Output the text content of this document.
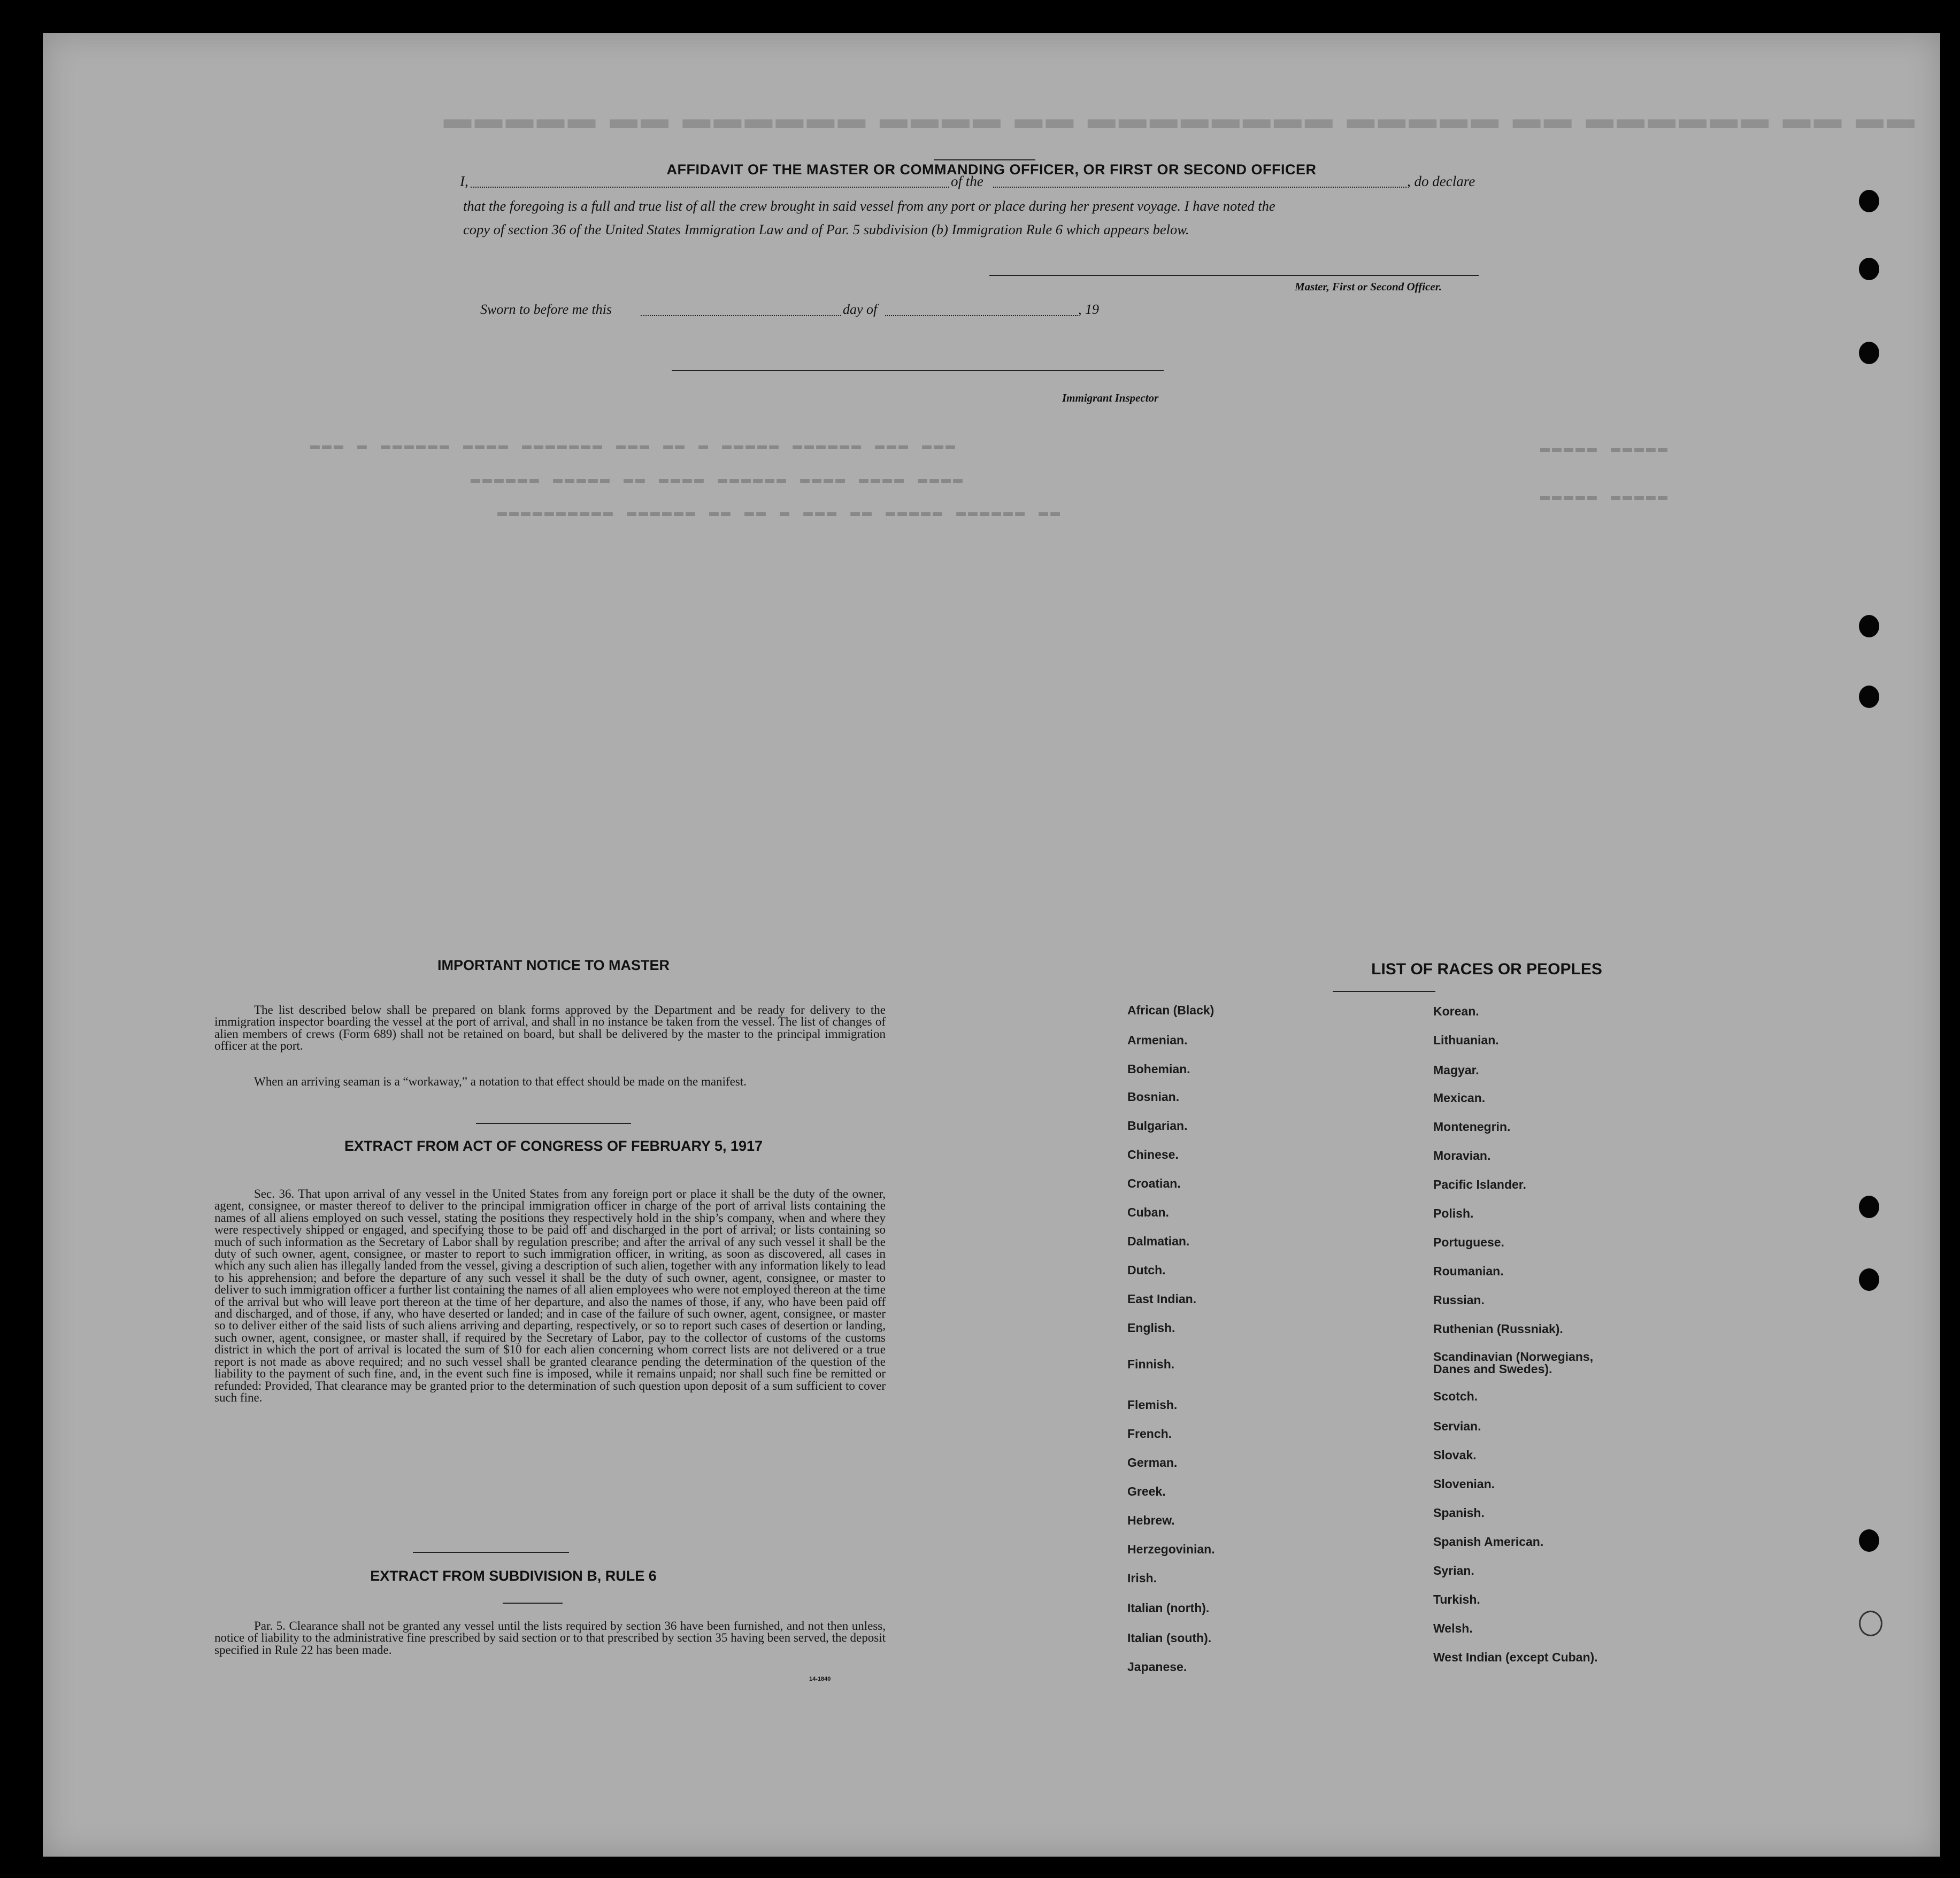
▬▬ ▬▬ ▬▬▬▬▬▬ ▬▬ ▬▬▬▬▬ ▬▬▬▬▬▬▬▬ ▬▬ ▬▬▬▬ ▬▬▬▬▬▬ ▬▬ ▬▬▬▬▬
▬▬▬ ▬ ▬▬▬▬▬▬ ▬▬▬▬ ▬▬▬▬▬▬▬ ▬▬▬ ▬▬ ▬ ▬▬▬▬▬ ▬▬▬▬▬▬ ▬▬▬ ▬▬▬
▬▬▬▬▬▬ ▬▬▬▬▬ ▬▬ ▬▬▬▬ ▬▬▬▬▬▬ ▬▬▬▬ ▬▬▬▬ ▬▬▬▬
▬▬▬▬▬▬▬▬▬▬ ▬▬▬▬▬▬ ▬▬ ▬▬ ▬ ▬▬▬ ▬▬ ▬▬▬▬▬ ▬▬▬▬▬▬ ▬▬
▬▬▬▬▬ ▬▬▬▬▬
▬▬▬▬▬ ▬▬▬▬▬
AFFIDAVIT OF THE MASTER OR COMMANDING OFFICER, OR FIRST OR SECOND OFFICER
I,	of the	, do declare
that the foregoing is a full and true list of all the crew brought in said vessel from any port or place during her present voyage. I have noted the
copy of section 36 of the United States Immigration Law and of Par. 5 subdivision (b) Immigration Rule 6 which appears below.
Master, First or Second Officer.
Sworn to before me this	day of	, 19
Immigrant Inspector
IMPORTANT NOTICE TO MASTER
The list described below shall be prepared on blank forms approved by the Department and be ready for delivery to the immigration inspector boarding the vessel at the port of arrival, and shall in no instance be taken from the vessel. The list of changes of alien members of crews (Form 689) shall not be retained on board, but shall be delivered by the master to the principal immigration officer at the port.
When an arriving seaman is a “workaway,” a notation to that effect should be made on the manifest.
EXTRACT FROM ACT OF CONGRESS OF FEBRUARY 5, 1917
Sec. 36. That upon arrival of any vessel in the United States from any foreign port or place it shall be the duty of the owner, agent, consignee, or master thereof to deliver to the principal immigration officer in charge of the port of arrival lists containing the names of all aliens employed on such vessel, stating the positions they respectively hold in the ship’s company, when and where they were respectively shipped or engaged, and specifying those to be paid off and discharged in the port of arrival; or lists containing so much of such information as the Secretary of Labor shall by regulation prescribe; and after the arrival of any such vessel it shall be the duty of such owner, agent, consignee, or master to report to such immigration officer, in writing, as soon as discovered, all cases in which any such alien has illegally landed from the vessel, giving a description of such alien, together with any information likely to lead to his apprehension; and before the departure of any such vessel it shall be the duty of such owner, agent, consignee, or master to deliver to such immigration officer a further list containing the names of all alien employees who were not employed thereon at the time of the arrival but who will leave port thereon at the time of her departure, and also the names of those, if any, who have been paid off and discharged, and of those, if any, who have deserted or landed; and in case of the failure of such owner, agent, consignee, or master so to deliver either of the said lists of such aliens arriving and departing, respectively, or so to report such cases of desertion or landing, such owner, agent, consignee, or master shall, if required by the Secretary of Labor, pay to the collector of customs of the customs district in which the port of arrival is located the sum of $10 for each alien concerning whom correct lists are not delivered or a true report is not made as above required; and no such vessel shall be granted clearance pending the determination of the question of the liability to the payment of such fine, and, in the event such fine is imposed, while it remains unpaid; nor shall such fine be remitted or refunded: Provided, That clearance may be granted prior to the determination of such question upon deposit of a sum sufficient to cover such fine.
EXTRACT FROM SUBDIVISION B, RULE 6
Par. 5. Clearance shall not be granted any vessel until the lists required by section 36 have been furnished, and not then unless, notice of liability to the administrative fine prescribed by said section or to that prescribed by section 35 having been served, the deposit specified in Rule 22 has been made.
14-1840
LIST OF RACES OR PEOPLES
African (Black)
Armenian.
Bohemian.
Bosnian.
Bulgarian.
Chinese.
Croatian.
Cuban.
Dalmatian.
Dutch.
East Indian.
English.
Finnish.
Flemish.
French.
German.
Greek.
Hebrew.
Herzegovinian.
Irish.
Italian (north).
Italian (south).
Japanese.
Korean.
Lithuanian.
Magyar.
Mexican.
Montenegrin.
Moravian.
Pacific Islander.
Polish.
Portuguese.
Roumanian.
Russian.
Ruthenian (Russniak).
Scandinavian (Norwegians,
Danes and Swedes).
Scotch.
Servian.
Slovak.
Slovenian.
Spanish.
Spanish American.
Syrian.
Turkish.
Welsh.
West Indian (except Cuban).
